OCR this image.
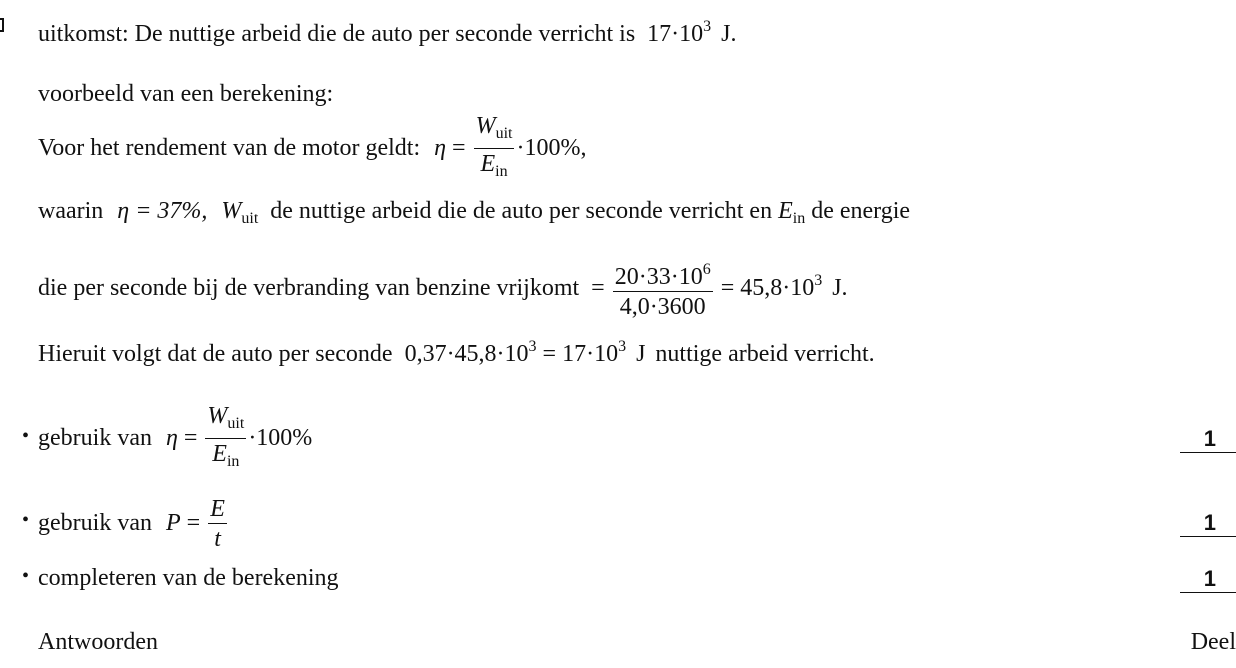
uitkomst: De nuttige arbeid die de auto per seconde verricht is $17\cdot 10^3$ J.
voorbeeld van een berekening:
Voor het rendement van de motor geldt: $\eta = \frac{W_{uit}}{E_{in}} \cdot 100\%$,
waarin η = 37%, $W_{uit}$ de nuttige arbeid die de auto per seconde verricht en $E_{in}$ de energie
die per seconde bij de verbranding van benzine vrijkomt = $\frac{20\cdot 33\cdot 10^6}{4,0\cdot 3600} = 45,8\cdot 10^3$ J.
Hieruit volgt dat de auto per seconde $0,37\cdot 45,8\cdot 10^3 = 17\cdot 10^3$ J nuttige arbeid verricht.
• gebruik van $\eta = \frac{W_{uit}}{E_{in}} \cdot 100\%$	1
• gebruik van $P = \frac{E}{t}$	1
• completeren van de berekening	1
Antwoorden	Deel
